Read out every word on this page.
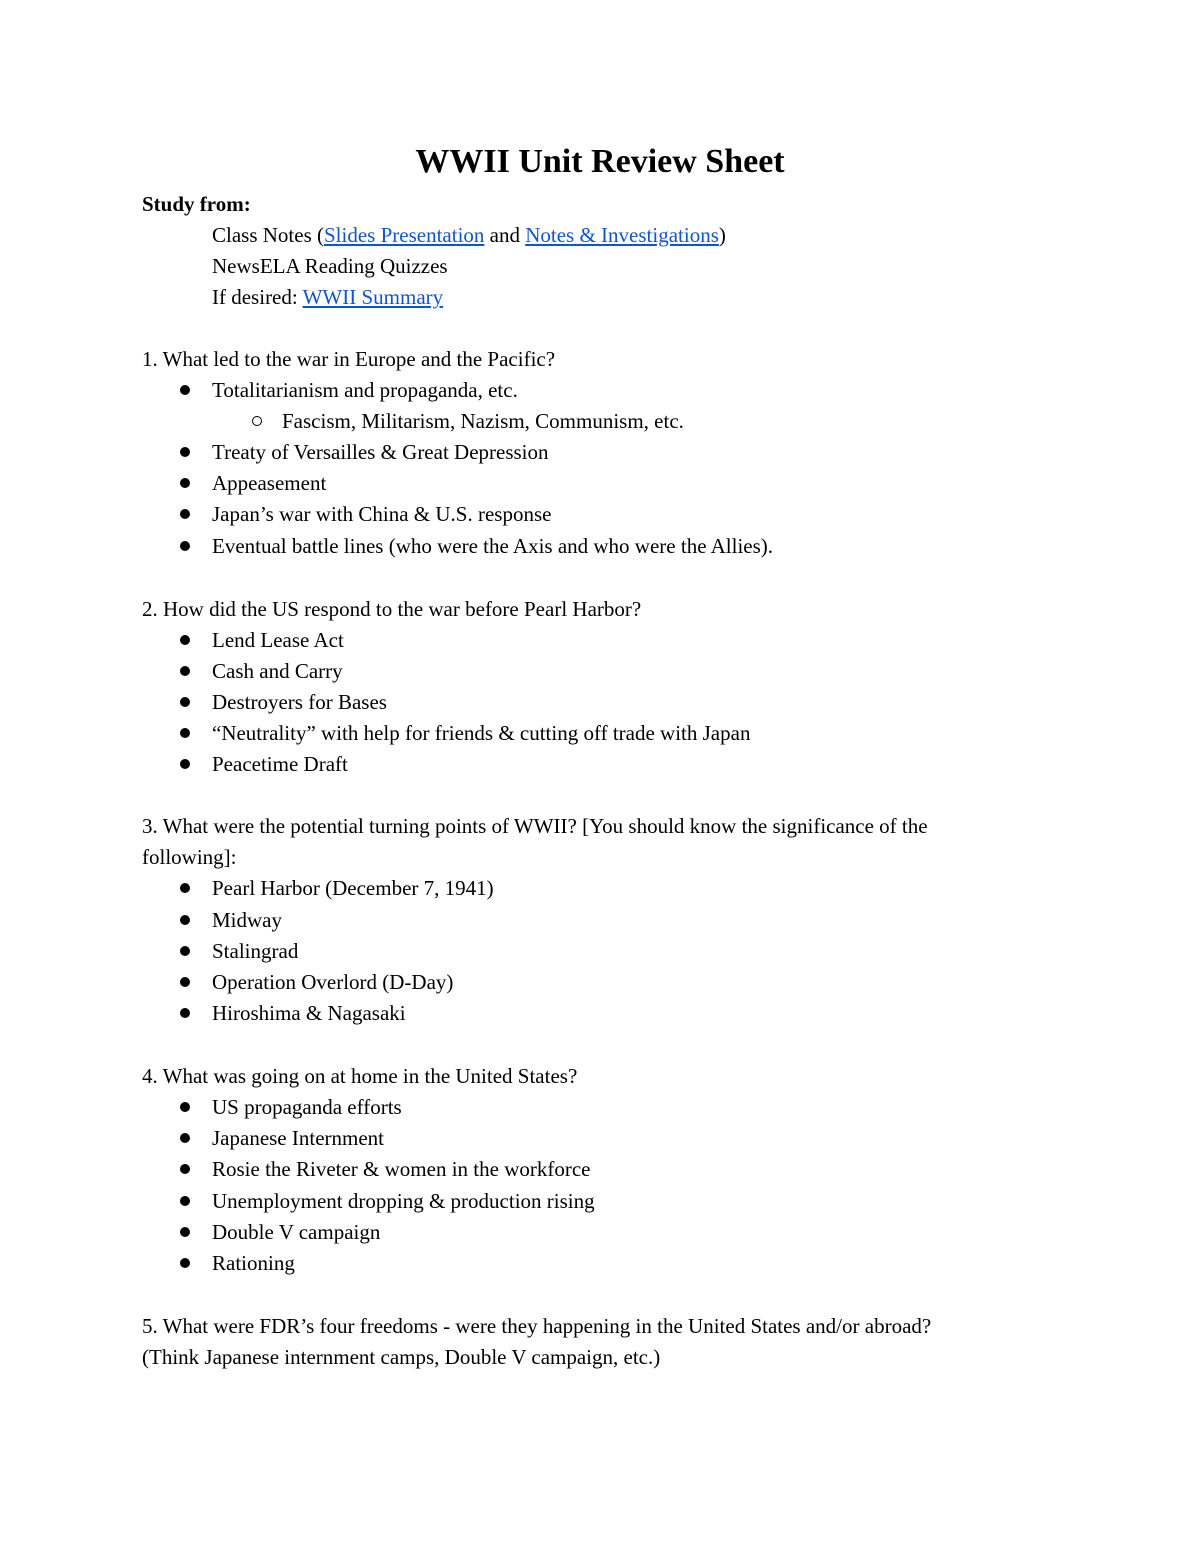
WWII Unit Review Sheet
Study from:
Class Notes (Slides Presentation and Notes & Investigations)
NewsELA Reading Quizzes
If desired: WWII Summary
1. What led to the war in Europe and the Pacific?
Totalitarianism and propaganda, etc.
Fascism, Militarism, Nazism, Communism, etc.
Treaty of Versailles & Great Depression
Appeasement
Japan’s war with China & U.S. response
Eventual battle lines (who were the Axis and who were the Allies).
2. How did the US respond to the war before Pearl Harbor?
Lend Lease Act
Cash and Carry
Destroyers for Bases
“Neutrality” with help for friends & cutting off trade with Japan
Peacetime Draft
3. What were the potential turning points of WWII? [You should know the significance of the
following]:
Pearl Harbor (December 7, 1941)
Midway
Stalingrad
Operation Overlord (D-Day)
Hiroshima & Nagasaki
4. What was going on at home in the United States?
US propaganda efforts
Japanese Internment
Rosie the Riveter & women in the workforce
Unemployment dropping & production rising
Double V campaign
Rationing
5. What were FDR’s four freedoms - were they happening in the United States and/or abroad?
(Think Japanese internment camps, Double V campaign, etc.)
